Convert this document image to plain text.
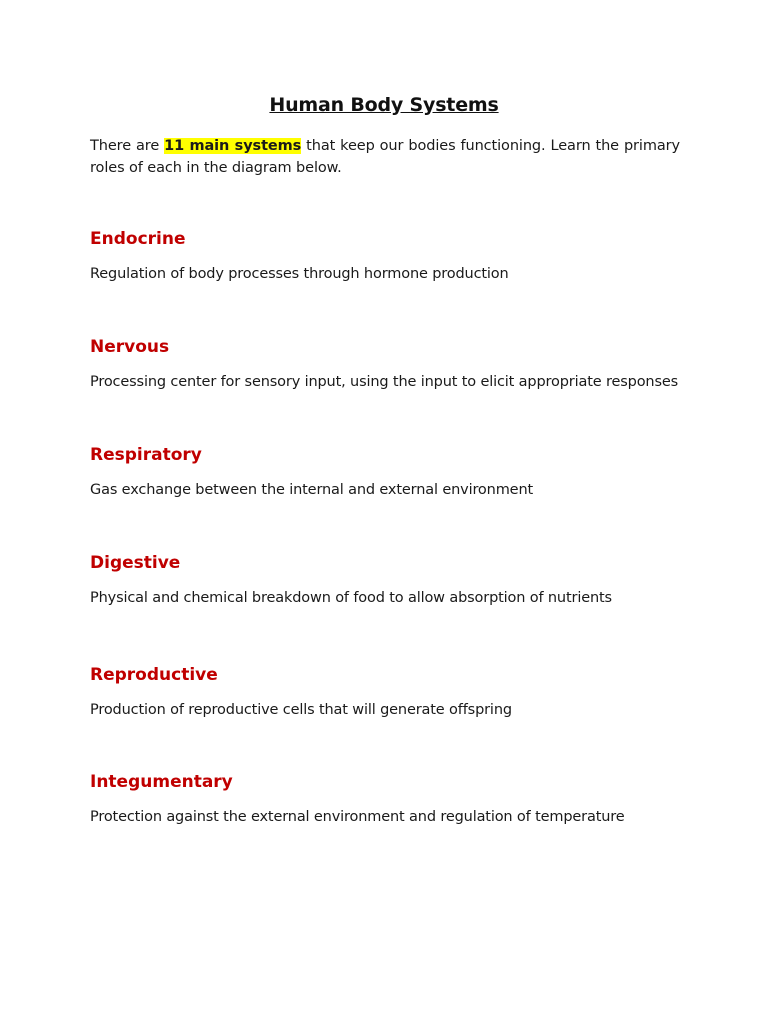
Human Body Systems

There are 11 main systems that keep our bodies functioning. Learn the primary roles of each in the diagram below.

Endocrine

Regulation of body processes through hormone production

Nervous

Processing center for sensory input, using the input to elicit appropriate responses

Respiratory

Gas exchange between the internal and external environment

Digestive

Physical and chemical breakdown of food to allow absorption of nutrients

Reproductive

Production of reproductive cells that will generate offspring

Integumentary

Protection against the external environment and regulation of temperature
